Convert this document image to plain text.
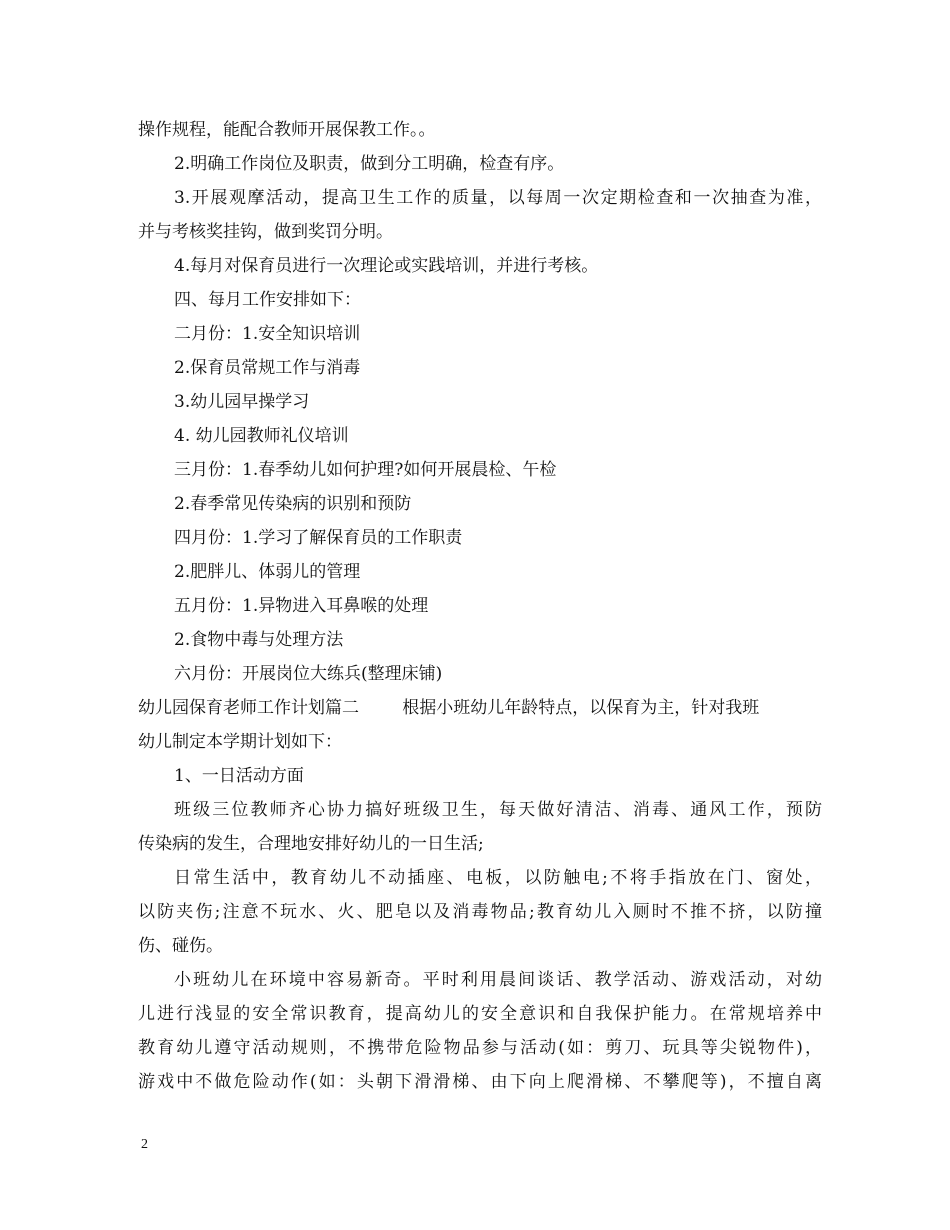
操作规程，能配合教师开展保教工作。。
2.明确工作岗位及职责，做到分工明确，检查有序。
3.开展观摩活动，提高卫生工作的质量，以每周一次定期检查和一次抽查为准，
并与考核奖挂钩，做到奖罚分明。
4.每月对保育员进行一次理论或实践培训，并进行考核。
四、每月工作安排如下：
二月份：1.安全知识培训
2.保育员常规工作与消毒
3.幼儿园早操学习
4. 幼儿园教师礼仪培训
三月份：1.春季幼儿如何护理?如何开展晨检、午检
2.春季常见传染病的识别和预防
四月份：1.学习了解保育员的工作职责
2.肥胖儿、体弱儿的管理
五月份：1.异物进入耳鼻喉的处理
2.食物中毒与处理方法
六月份：开展岗位大练兵(整理床铺)
幼儿园保育老师工作计划篇二        根据小班幼儿年龄特点，以保育为主，针对我班
幼儿制定本学期计划如下：
1、一日活动方面
班级三位教师齐心协力搞好班级卫生，每天做好清洁、消毒、通风工作，预防
传染病的发生，合理地安排好幼儿的一日生活;
日常生活中，教育幼儿不动插座、电板，以防触电;不将手指放在门、窗处，
以防夹伤;注意不玩水、火、肥皂以及消毒物品;教育幼儿入厕时不推不挤，以防撞
伤、碰伤。
小班幼儿在环境中容易新奇。平时利用晨间谈话、教学活动、游戏活动，对幼
儿进行浅显的安全常识教育，提高幼儿的安全意识和自我保护能力。在常规培养中
教育幼儿遵守活动规则，不携带危险物品参与活动(如：剪刀、玩具等尖锐物件)，
游戏中不做危险动作(如：头朝下滑滑梯、由下向上爬滑梯、不攀爬等)，不擅自离
2
